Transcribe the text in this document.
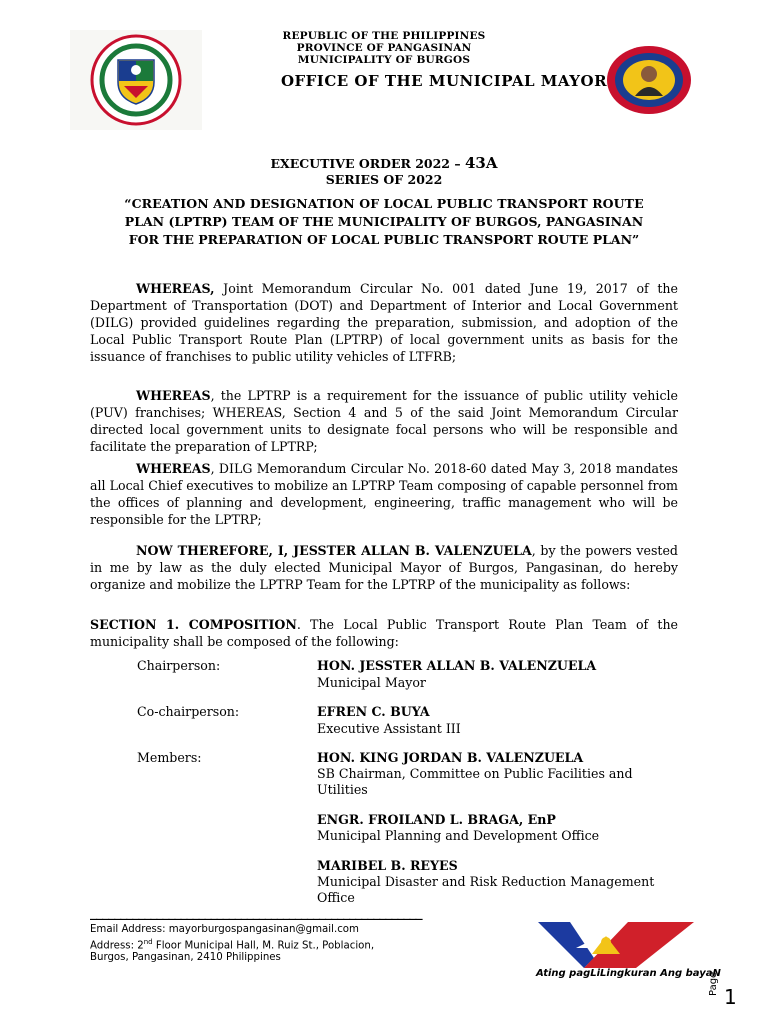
REPUBLIC OF THE PHILIPPINES
PROVINCE OF PANGASINAN
MUNICIPALITY OF BURGOS
OFFICE OF THE MUNICIPAL MAYOR
EXECUTIVE ORDER 2022 – 43A
SERIES OF 2022
“CREATION AND DESIGNATION OF LOCAL PUBLIC TRANSPORT ROUTE
PLAN (LPTRP) TEAM OF THE MUNICIPALITY OF BURGOS, PANGASINAN
FOR THE PREPARATION OF LOCAL PUBLIC TRANSPORT ROUTE PLAN”
WHEREAS, Joint Memorandum Circular No. 001 dated June 19, 2017 of the Department of Transportation (DOT) and Department of Interior and Local Government (DILG) provided guidelines regarding the preparation, submission, and adoption of the Local Public Transport Route Plan (LPTRP) of local government units as basis for the issuance of franchises to public utility vehicles of LTFRB;
WHEREAS, the LPTRP is a requirement for the issuance of public utility vehicle (PUV) franchises; WHEREAS, Section 4 and 5 of the said Joint Memorandum Circular directed local government units to designate focal persons who will be responsible and facilitate the preparation of LPTRP;
WHEREAS, DILG Memorandum Circular No. 2018-60 dated May 3, 2018 mandates all Local Chief executives to mobilize an LPTRP Team composing of capable personnel from the offices of planning and development, engineering, traffic management who will be responsible for the LPTRP;
NOW THEREFORE, I, JESSTER ALLAN B. VALENZUELA, by the powers vested in me by law as the duly elected Municipal Mayor of Burgos, Pangasinan, do hereby organize and mobilize the LPTRP Team for the LPTRP of the municipality as follows:
SECTION 1. COMPOSITION. The Local Public Transport Route Plan Team of the municipality shall be composed of the following:
Chairperson:	HON. JESSTER ALLAN B. VALENZUELA
Municipal Mayor
Co-chairperson:	EFREN C. BUYA
Executive Assistant III
Members:	HON. KING JORDAN B. VALENZUELA
SB Chairman, Committee on Public Facilities and Utilities
ENGR. FROILAND L. BRAGA, EnP
Municipal Planning and Development Office
MARIBEL B. REYES
Municipal Disaster and Risk Reduction Management Office
_______________________________________________________
Email Address: mayorburgospangasinan@gmail.com
Address: 2nd Floor Municipal Hall, M. Ruiz St., Poblacion,
Burgos, Pangasinan, 2410 Philippines
Ating pagLiLingkuran Ang bayaN
Page
1
